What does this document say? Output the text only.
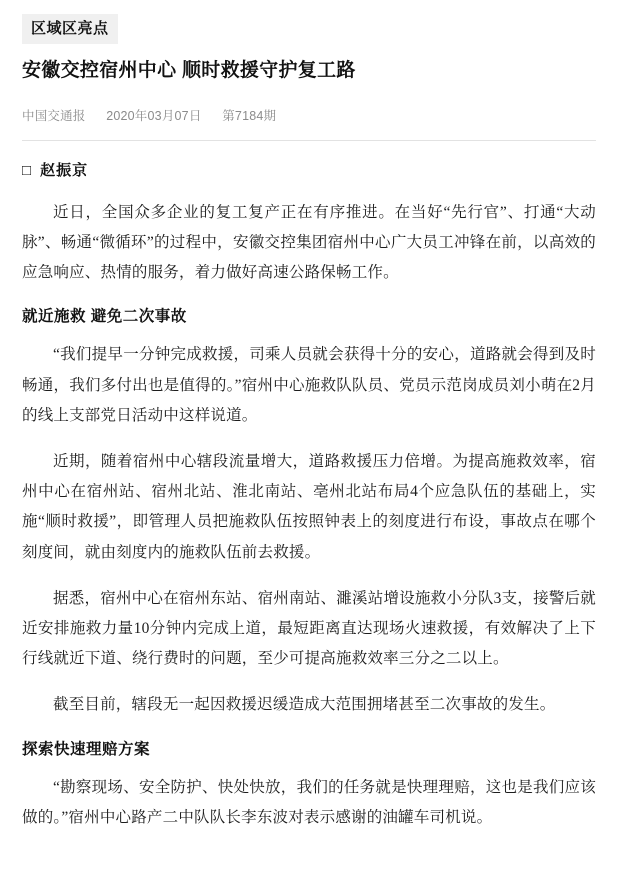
区域区亮点
安徽交控宿州中心 顺时救援守护复工路
中国交通报 2020年03月07日 第7184期
□ 赵振京

近日，全国众多企业的复工复产正在有序推进。在当好“先行官”、打通“大动脉”、畅通“微循环”的过程中，安徽交控集团宿州中心广大员工冲锋在前，以高效的应急响应、热情的服务，着力做好高速公路保畅工作。

就近施救 避免二次事故

“我们提早一分钟完成救援，司乘人员就会获得十分的安心，道路就会得到及时畅通，我们多付出也是值得的。”宿州中心施救队队员、党员示范岗成员刘小萌在2月的线上支部党日活动中这样说道。

近期，随着宿州中心辖段流量增大，道路救援压力倍增。为提高施救效率，宿州中心在宿州站、宿州北站、淮北南站、亳州北站布局4个应急队伍的基础上，实施“顺时救援”，即管理人员把施救队伍按照钟表上的刻度进行布设，事故点在哪个刻度间，就由刻度内的施救队伍前去救援。

据悉，宿州中心在宿州东站、宿州南站、濉溪站增设施救小分队3支，接警后就近安排施救力量10分钟内完成上道，最短距离直达现场火速救援，有效解决了上下行线就近下道、绕行费时的问题，至少可提高施救效率三分之二以上。

截至目前，辖段无一起因救援迟缓造成大范围拥堵甚至二次事故的发生。

探索快速理赔方案

“勘察现场、安全防护、快处快放，我们的任务就是快理理赔，这也是我们应该做的。”宿州中心路产二中队队长李东波对表示感谢的油罐车司机说。
